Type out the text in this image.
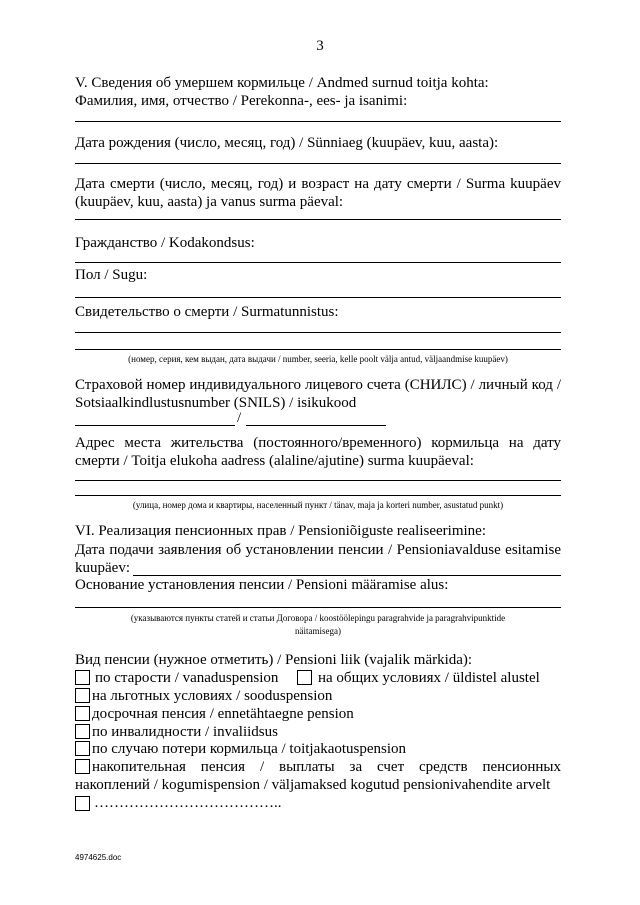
3
V. Сведения об умершем кормильце / Andmed surnud toitja kohta:
Фамилия, имя, отчество / Perekonna-, ees- ja isanimi:
Дата рождения (число, месяц, год) / Sünniaeg (kuupäev, kuu, aasta):
Дата смерти (число, месяц, год) и возраст на дату смерти / Surma kuupäev
(kuupäev, kuu, aasta) ja vanus surma päeval:
Гражданство / Kodakondsus:
Пол / Sugu:
Свидетельство о смерти / Surmatunnistus:
(номер, серия, кем выдан, дата выдачи / number, seeria, kelle poolt välja antud, väljaandmise kuupäev)
Страховой номер индивидуального лицевого счета (СНИЛС) / личный код /
Sotsiaalkindlustusnumber (SNILS) / isikukood
/
Адрес места жительства (постоянного/временного) кормильца на дату
смерти / Toitja elukoha aadress (alaline/ajutine) surma kuupäeval:
(улица, номер дома и квартиры, населенный пункт / tänav, maja ja korteri number, asustatud punkt)
VI. Реализация пенсионных прав / Pensioniõiguste realiseerimine:
Дата подачи заявления об установлении пенсии / Pensioniavalduse esitamise
kuupäev:
Основание установления пенсии / Pensioni määramise alus:
(указываются пункты статей и статьи Договора / koostöölepingu paragrahvide ja paragrahvipunktide
näitamisega)
Вид пенсии (нужное отметить) / Pensioni liik (vajalik märkida):
по старости / vanaduspension	на общих условиях / üldistel alustel
на льготных условиях / sooduspension
досрочная пенсия / ennetähtaegne pension
по инвалидности / invaliidsus
по случаю потери кормильца / toitjakaotuspension
накопительная пенсия / выплаты за счет средств пенсионных
накоплений / kogumispension / väljamaksed kogutud pensionivahendite arvelt
………………………………..
4974625.doc
